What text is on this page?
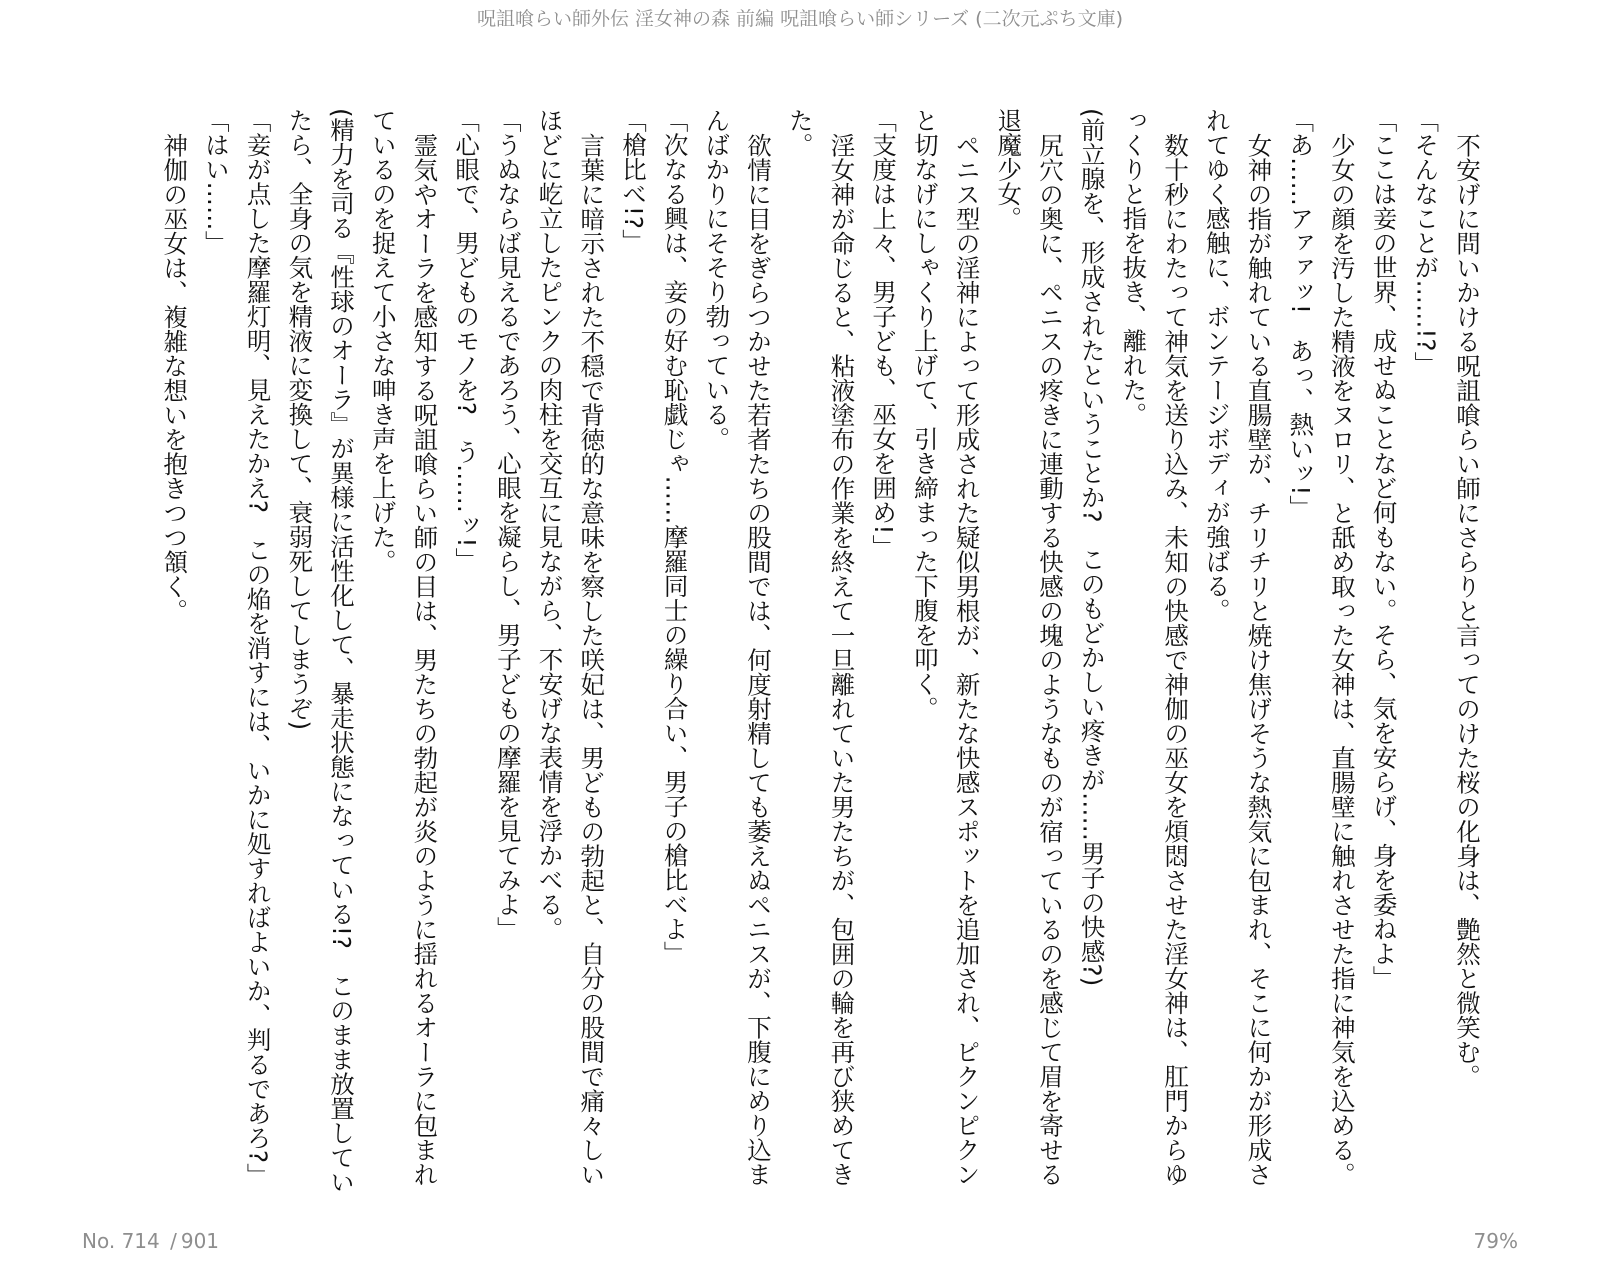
呪詛喰らい師外伝 淫女神の森 前編 呪詛喰らい師シリーズ (二次元ぷち文庫)

不安げに問いかける呪詛喰らい師にさらりと言ってのけた桜の化身は、艶然と微笑む。

「そんなことが……!?」

「ここは妾の世界、成せぬことなど何もない。そら、気を安らげ、身を委ねよ」

少女の顔を汚した精液をヌロリ、と舐め取った女神は、直腸壁に触れさせた指に神気を込める。

「あ……アァァッ!　あっ、熱いッ!」

女神の指が触れている直腸壁が、チリチリと焼け焦げそうな熱気に包まれ、そこに何かが形成されてゆく感触に、ボンテージボディが強ばる。

数十秒にわたって神気を送り込み、未知の快感で神伽の巫女を煩悶させた淫女神は、肛門からゆっくりと指を抜き、離れた。

(前立腺を、形成されたということか?　このもどかしい疼きが……男子の快感?)

尻穴の奥に、ペニスの疼きに連動する快感の塊のようなものが宿っているのを感じて眉を寄せる退魔少女。

ペニス型の淫神によって形成された疑似男根が、新たな快感スポットを追加され、ピクンピクンと切なげにしゃくり上げて、引き締まった下腹を叩く。

「支度は上々、男子ども、巫女を囲め!」

淫女神が命じると、粘液塗布の作業を終えて一旦離れていた男たちが、包囲の輪を再び狭めてきた。

欲情に目をぎらつかせた若者たちの股間では、何度射精しても萎えぬペニスが、下腹にめり込まんばかりにそそり勃っている。

「次なる興は、妾の好む恥戯じゃ……摩羅同士の繰り合い、男子の槍比べよ」

「槍比べ!?」

言葉に暗示された不穏で背徳的な意味を察した咲妃は、男どもの勃起と、自分の股間で痛々しいほどに屹立したピンクの肉柱を交互に見ながら、不安げな表情を浮かべる。

「うぬならば見えるであろう、心眼を凝らし、男子どもの摩羅を見てみよ」

「心眼で、男どものモノを?　う……ッ!」

霊気やオーラを感知する呪詛喰らい師の目は、男たちの勃起が炎のように揺れるオーラに包まれているのを捉えて小さな呻き声を上げた。

(精力を司る『性球のオーラ』が異様に活性化して、暴走状態になっている!?　このまま放置していたら、全身の気を精液に変換して、衰弱死してしまうぞ)

「妾が点した摩羅灯明、見えたかえ?　この焔を消すには、いかに処すればよいか、判るであろ?」

「はい……」

神伽の巫女は、複雑な想いを抱きつつ頷く。

No. 714 / 901	79%
